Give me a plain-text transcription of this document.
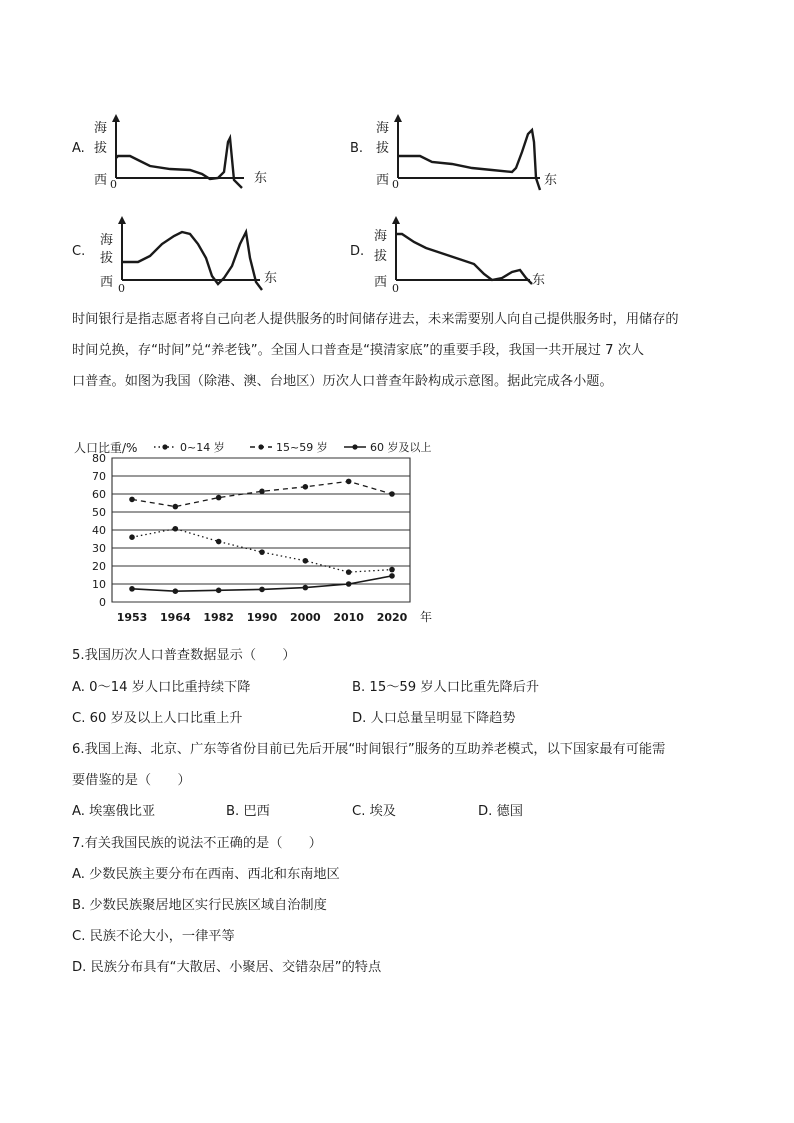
A.
海
拔
西 0	东
B.
海
拔
西 0	东
C.
海
拔
西 0
东
D.
海
拔
西 0
东
时间银行是指志愿者将自己向老人提供服务的时间储存进去，未来需要别人向自己提供服务时，用储存的
时间兑换，存“时间”兑“养老钱”。全国人口普查是“摸清家底”的重要手段，我国一共开展过 7 次人
口普查。如图为我国（除港、澳、台地区）历次人口普查年龄构成示意图。据此完成各小题。
0
10
20
30
40
50
60
70
80
1953 1964 1982 1990 2000 2010 2020
人口比重/%	0~14 岁	15~59 岁	60 岁及以上
年
5.我国历次人口普查数据显示（　　）
A. 0～14 岁人口比重持续下降	B. 15～59 岁人口比重先降后升
C. 60 岁及以上人口比重上升	D. 人口总量呈明显下降趋势
6.我国上海、北京、广东等省份目前已先后开展“时间银行”服务的互助养老模式，以下国家最有可能需
要借鉴的是（　　）
A. 埃塞俄比亚	B. 巴西	C. 埃及	D. 德国
7.有关我国民族的说法不正确的是（　　）
A. 少数民族主要分布在西南、西北和东南地区
B. 少数民族聚居地区实行民族区域自治制度
C. 民族不论大小，一律平等
D. 民族分布具有“大散居、小聚居、交错杂居”的特点
